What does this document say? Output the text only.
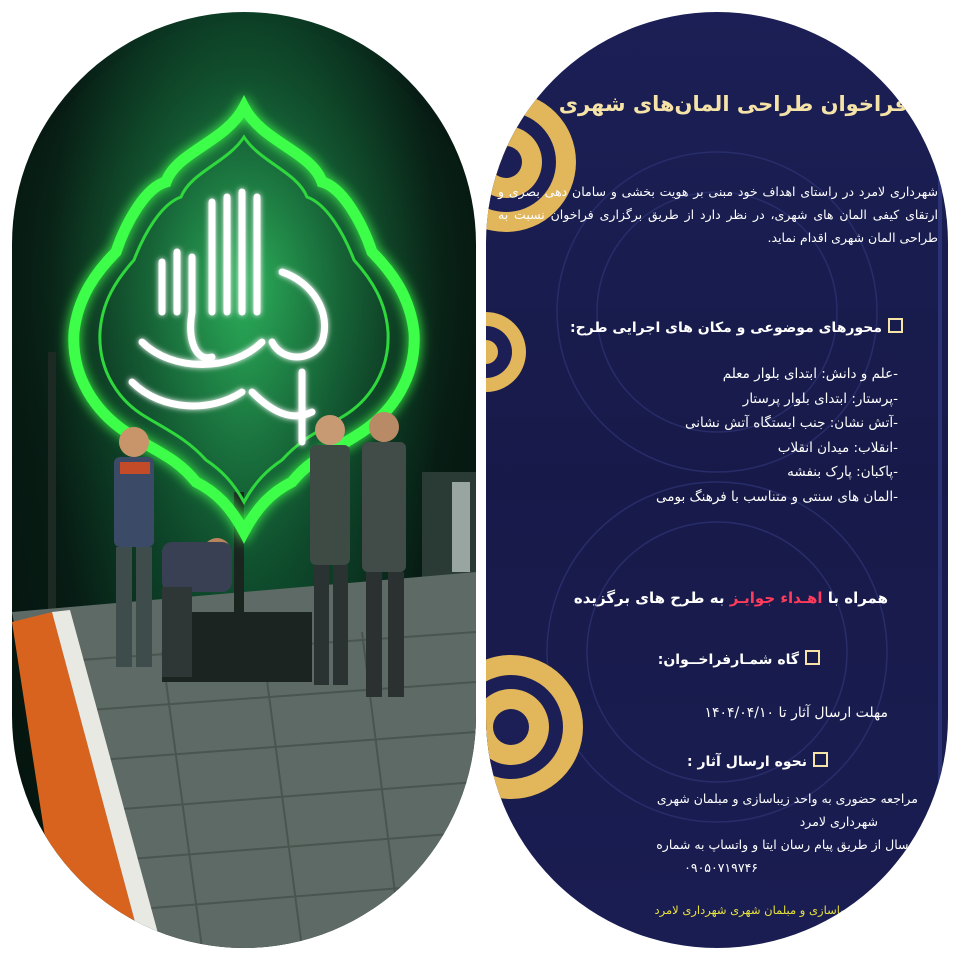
فراخوان طراحی المان‌های شهری
شهرداری لامرد در راستای اهداف خود مبنی بر هویت بخشی و سامان دهی بصری و ارتقای کیفی المان های شهری، در نظر دارد از طریق برگزاری فراخوان نسبت به طراحی المان شهری اقدام نماید.
محورهای موضوعی و مکان های اجرایی طرح:
-علم و دانش: ابتدای بلوار معلم
-پرستار: ابتدای بلوار پرستار
-آتش نشان: جنب ایستگاه آتش نشانی
-انقلاب: میدان انقلاب
-پاکبان: پارک بنفشه
-المان های سنتی و متناسب با فرهنگ بومی
همراه با اهـداء جوایـز به طرح های برگزیده
گاه شمـارفراخــوان:
مهلت ارسال آثار تا ۱۴۰۴/۰۴/۱۰
نحوه ارسال آثار :
مراجعه حضوری به واحد زیباسازی و مبلمان شهری
شهرداری لامرد
ارسال از طریق پیام رسان ایتا و واتساپ به شماره
۰۹۰۵۰۷۱۹۷۴۶
واحد زیباسازی و مبلمان شهری شهرداری لامرد
